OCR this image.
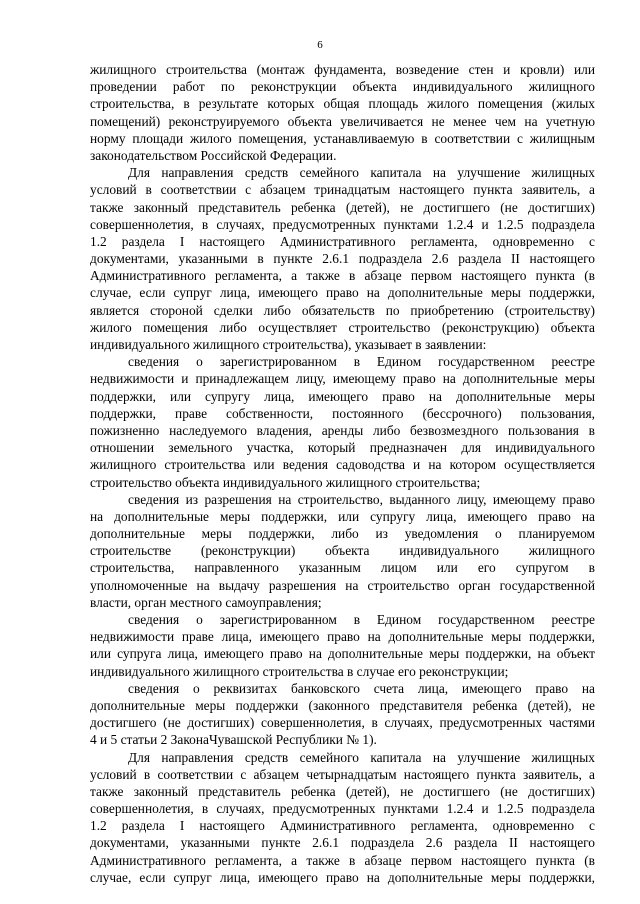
6
жилищного строительства (монтаж фундамента, возведение стен и кровли) или
проведении работ по реконструкции объекта индивидуального жилищного
строительства, в результате которых общая площадь жилого помещения (жилых
помещений) реконструируемого объекта увеличивается не менее чем на учетную
норму площади жилого помещения, устанавливаемую в соответствии с жилищным
законодательством Российской Федерации.
Для направления средств семейного капитала на улучшение жилищных
условий в соответствии с абзацем тринадцатым настоящего пункта заявитель, а
также законный представитель ребенка (детей), не достигшего (не достигших)
совершеннолетия, в случаях, предусмотренных пунктами 1.2.4 и 1.2.5 подраздела
1.2 раздела I настоящего Административного регламента, одновременно с
документами, указанными в пункте 2.6.1 подраздела 2.6 раздела II настоящего
Административного регламента, а также в абзаце первом настоящего пункта (в
случае, если супруг лица, имеющего право на дополнительные меры поддержки,
является стороной сделки либо обязательств по приобретению (строительству)
жилого помещения либо осуществляет строительство (реконструкцию) объекта
индивидуального жилищного строительства), указывает в заявлении:
сведения о зарегистрированном в Едином государственном реестре
недвижимости и принадлежащем лицу, имеющему право на дополнительные меры
поддержки, или супругу лица, имеющего право на дополнительные меры
поддержки, праве собственности, постоянного (бессрочного) пользования,
пожизненно наследуемого владения, аренды либо безвозмездного пользования в
отношении земельного участка, который предназначен для индивидуального
жилищного строительства или ведения садоводства и на котором осуществляется
строительство объекта индивидуального жилищного строительства;
сведения из разрешения на строительство, выданного лицу, имеющему право
на дополнительные меры поддержки, или супругу лица, имеющего право на
дополнительные меры поддержки, либо из уведомления о планируемом
строительстве (реконструкции) объекта индивидуального жилищного
строительства, направленного указанным лицом или его супругом в
уполномоченные на выдачу разрешения на строительство орган государственной
власти, орган местного самоуправления;
сведения о зарегистрированном в Едином государственном реестре
недвижимости праве лица, имеющего право на дополнительные меры поддержки,
или супруга лица, имеющего право на дополнительные меры поддержки, на объект
индивидуального жилищного строительства в случае его реконструкции;
сведения о реквизитах банковского счета лица, имеющего право на
дополнительные меры поддержки (законного представителя ребенка (детей), не
достигшего (не достигших) совершеннолетия, в случаях, предусмотренных частями
4 и 5 статьи 2 ЗаконаЧувашской Республики № 1).
Для направления средств семейного капитала на улучшение жилищных
условий в соответствии с абзацем четырнадцатым настоящего пункта заявитель, а
также законный представитель ребенка (детей), не достигшего (не достигших)
совершеннолетия, в случаях, предусмотренных пунктами 1.2.4 и 1.2.5 подраздела
1.2 раздела I настоящего Административного регламента, одновременно с
документами, указанными пункте 2.6.1 подраздела 2.6 раздела II настоящего
Административного регламента, а также в абзаце первом настоящего пункта (в
случае, если супруг лица, имеющего право на дополнительные меры поддержки,
